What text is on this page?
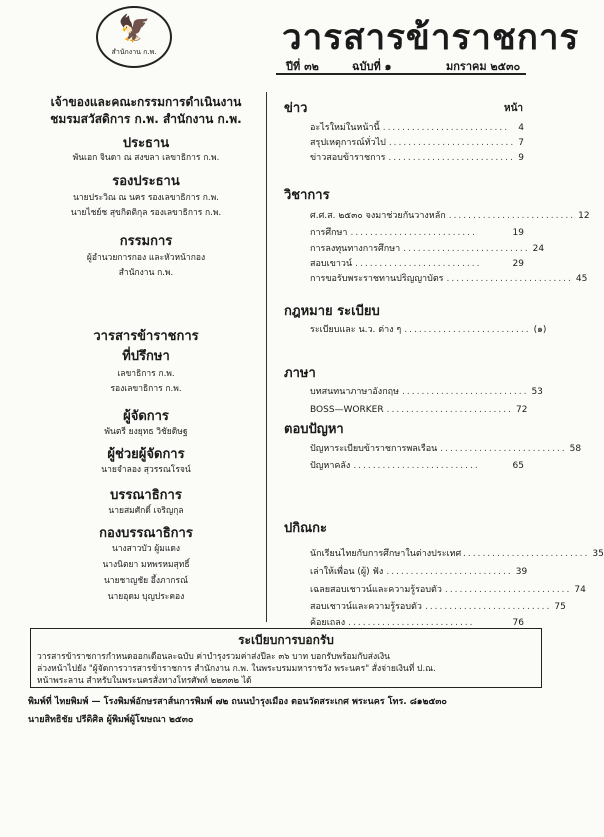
🦅
สำนักงาน ก.พ.	วารสารข้าราชการ
ปีที่ ๓๒	ฉบับที่ ๑	มกราคม ๒๕๓๐
เจ้าของและคณะกรรมการดำเนินงาน
ชมรมสวัสดิการ ก.พ. สำนักงาน ก.พ.
ประธาน
พันเอก จินดา ณ สงขลา เลขาธิการ ก.พ.
รองประธาน
นายประวิณ ณ นคร รองเลขาธิการ ก.พ.
นายไชย์ช สุขกิตติกุล รองเลขาธิการ ก.พ.
กรรมการ
ผู้อำนวยการกอง และหัวหน้ากอง
สำนักงาน ก.พ.
วารสารข้าราชการ
ที่ปรึกษา
เลขาธิการ ก.พ.
รองเลขาธิการ ก.พ.
ผู้จัดการ
พันตรี ยงยุทธ วิชัยดิษฐ
ผู้ช่วยผู้จัดการ
นายจำลอง สุวรรณโรจน์
บรรณาธิการ
นายสมศักดิ์ เจริญกุล
กองบรรณาธิการ
นางสาวบัว ผู้มแดง
นางนิตยา มหพรหมสุทธิ์
นายชาญชัย อึ้งภากรณ์
นายอุดม บุญประคอง
หน้า
ข่าว
อะไรใหม่ในหน้านี้ ..........................	4
สรุปเหตุการณ์ทั่วไป .......................... 7
ข่าวสอบข้าราชการ .......................... 9
วิชาการ
ศ.ศ.ส. ๒๕๓๐ จงมาช่วยกันวางหลัก .......................... 12
การศึกษา ..........................	19
การลงทุนทางการศึกษา .......................... 24
สอบเขาวน์ ..........................	29
การขอรับพระราชทานปริญญาบัตร .......................... 45
กฎหมาย ระเบียบ
ระเบียบและ น.ว. ต่าง ๆ .......................... (๑)
ภาษา
บทสนทนาภาษาอังกฤษ .......................... 53
BOSS—WORKER .......................... 72
ตอบปัญหา
ปัญหาระเบียบข้าราชการพลเรือน .......................... 58
ปัญหาคลัง ..........................	65
ปกิณกะ
นักเรียนไทยกับการศึกษาในต่างประเทศ .......................... 35
เล่าให้เพื่อน (ผู้) ฟัง .......................... 39
เฉลยสอบเชาวน์และความรู้รอบตัว .......................... 74
สอบเชาวน์และความรู้รอบตัว .......................... 75
ค้อยเถลง ..........................	76
ระเบียบการบอกรับ
วารสารข้าราชการกำหนดออกเดือนละฉบับ ค่าบำรุงรวมค่าส่งปีละ ๓๖ บาท บอกรับพร้อมกับส่งเงิน
ล่วงหน้าไปยัง "ผู้จัดการวารสารข้าราชการ สำนักงาน ก.พ. ในพระบรมมหาราชวัง พระนคร" สั่งจ่ายเงินที่ ป.ณ.
หน้าพระลาน สำหรับในพระนครสั่งทางโทรศัพท์ ๒๒๓๓๒ ได้
พิมพ์ที่ ไทยพิมพ์ — โรงพิมพ์อักษรสาส์นการพิมพ์ ๗๒ ถนนบำรุงเมือง ตอนวัดสระเกศ พระนคร โทร. ๘๑๒๕๓๐
นายสิทธิชัย ปรีดิศิล ผู้พิมพ์ผู้โฆษณา ๒๕๓๐
